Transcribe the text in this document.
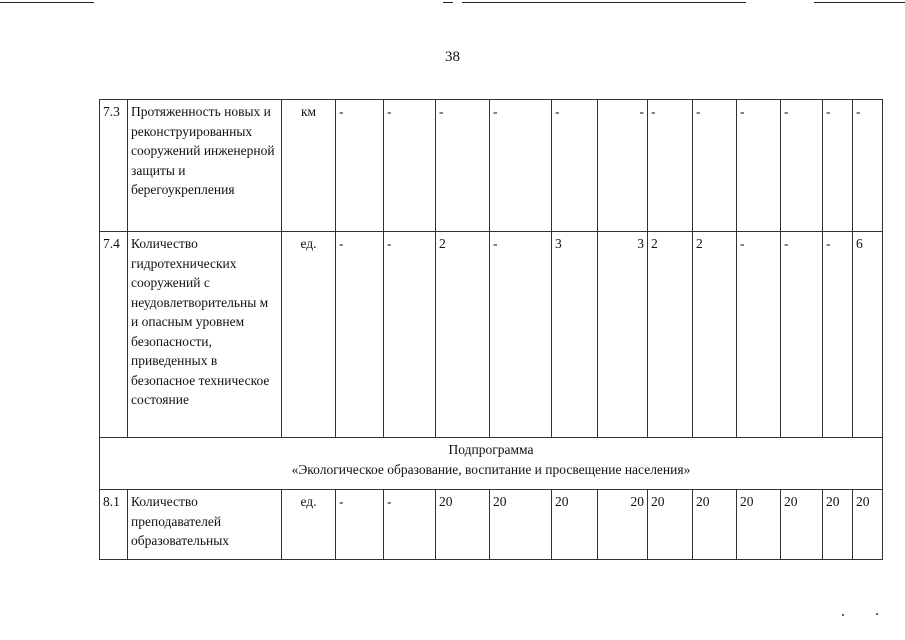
38
7.3	Протяженность новых и реконструированных сооружений инженерной защиты и берегоукрепления	км	-	-	-	-	-	-	-	-	-	-	-	-
7.4	Количество гидротехнических сооружений с неудовлетворительны м и опасным уровнем безопасности, приведенных в безопасное техническое состояние	ед.	-	-	2	-	3	3	2	2	-	-	-	6

Подпрограмма
«Экологическое образование, воспитание и просвещение населения»														

8.1	Количество преподавателей образовательных	ед.	-	-	20	20	20	20	20	20	20	20	20	20
